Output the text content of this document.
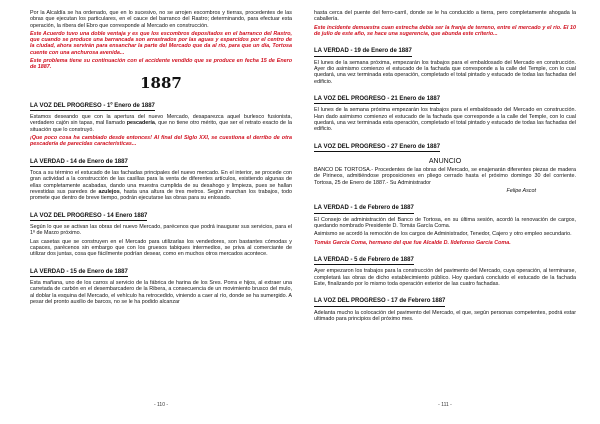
Por la Alcaldía se ha ordenado, que en lo sucesivo, no se arrojen escombros y tierras, procedentes de las obras que ejecutan los particulares, en el cauce del barranco del Rastro; determinando, para efectuar esta operación, la ribera del Ebro que corresponde al Mercado en construcción.

Este Acuerdo tuvo una doble ventaja y es que los escombros depositados en el barranco del Rastro, que cuando se produce una barrancada son arrastrados por las aguas y esparcidos por el centro de la ciudad, ahora servirán para ensanchar la parte del Mercado que da al río, para que un día, Tortosa cuente con una anchurosa avenida...

Este problema tiene su continuación con el accidente vendido que se produce en fecha 15 de Enero de 1887.

1887
LA VOZ DEL PROGRESO - 1º Enero de 1887

Estamos deseando que con la apertura del nuevo Mercado, desaparezca aquel burlesco fusionista, verdadero cajón sin tapas, mal llamado pescadería, que no tiene otro mérito, que ser el retrato exacto de la situación que lo construyó.

¡Que poco cosa ha cambiado desde entonces! Al final del Siglo XXI, se cuestiona el derribo de otra pescadería de parecidas características...

LA VERDAD - 14 de Enero de 1887

Toca a su término el estucado de las fachadas principales del nuevo mercado. En el interior, se procede con gran actividad a la construcción de las casillas para la venta de diferentes artículos, existiendo algunas de ellas completamente acabadas, dando una muestra cumplida de su desahogo y limpieza, pues se hallan revestidas sus paredes de azulejos, hasta una altura de tres metros. Según marchan los trabajos, todo promete que dentro de breve tiempo, podrán ejecutarse las obras para su enlosado.

LA VOZ DEL PROGRESO - 14 Enero 1887

Según lo que se activan las obras del nuevo Mercado, parécenos que podrá inaugurar sus servicios, para el 1º de Marzo próximo.

Las casetas que se construyen en el Mercado para utilizarlas los vendedores, son bastantes cómodas y capaces, parécenos sin embargo que con los gruesos tabiques intermedios, se priva al comerciante de utilizar dos juntas, cosa que fácilmente podrían desear, como en muchos otros mercados acontece.

LA VERDAD - 15 de Enero de 1887

Esta mañana, uno de los carros al servicio de la fábrica de harina de los Sres. Porra e hijos, al extraer una carretada de carbón en el desembarcadero de la Ribera, a consecuencia de un movimiento brusco del mulo, al doblar la esquina del Mercado, el vehículo ha retrocedido, viniendo a caer al río, donde se ha sumergido. A pesar del pronto auxilio de barcos, no se le ha podido alcanzar

- 110 -

hasta cerca del puente del ferro-carril, donde se le ha conducido a tierra, pero completamente ahogada la caballería.

Este incidente demuestra cuan estrecha debía ser la franja de terreno, entre el mercado y el río. El 10 de julio de este año, se hace una sugerencia, que abunda este criterio...

LA VERDAD - 19 de Enero de 1887

El lunes de la semana próxima, empezarán los trabajos para el embaldosado del Mercado en construcción. Ayer dio asimismo comienzo el estucado de la fachada que corresponde a la calle del Temple, con lo cual quedará, una vez terminada esta operación, completado el total pintado y estucado de todas las fachadas del edificio.

LA VOZ DEL PROGRESO - 21 Enero de 1887

El lunes de la semana próxima empezarán los trabajos para el embaldosado del Mercado en construcción. Han dado asimismo comienzo el estucado de la fachada que corresponde a la calle del Temple, con lo cual quedará, una vez terminada esta operación, completado el total pintado y estucado de todas las fachadas del edificio.

LA VOZ DEL PROGRESO - 27 Enero de 1887
ANUNCIO

BANCO DE TORTOSA.- Procedentes de las obras del Mercado, se enajenarán diferentes piezas de madera de Pirineos, admitiéndose proposiciones en pliego cerrado hasta el próximo domingo 30 del corriente. Tortosa, 25 de Enero de 1887.- Su Administrador

Felipe Ascot

LA VERDAD - 1 de Febrero de 1887

El Consejo de administración del Banco de Tortosa, en su última sesión, acordó la renovación de cargos, quedando nombrado Presidente D. Tomás García Coma.

Asimismo se acordó la remoción de los cargos de Administrador, Tenedor, Cajero y otro empleo secundario.

Tomás García Coma, hermano del que fue Alcalde D. Ildefonso García Coma.

LA VERDAD - 5 de Febrero de 1887

Ayer empezaron los trabajos para la construcción del pavimento del Mercado, cuya operación, al terminarse, completará las obras de dicho establecimiento público. Hoy quedará concluido el estucado de la fachada Este, finalizando por lo mismo toda operación exterior de las cuatro fachadas.

LA VOZ DEL PROGRESO - 17 de Febrero 1887

Adelanta mucho la colocación del pavimento del Mercado, el que, según personas competentes, podrá estar ultimado para principios del próximo mes.

- 111 -
